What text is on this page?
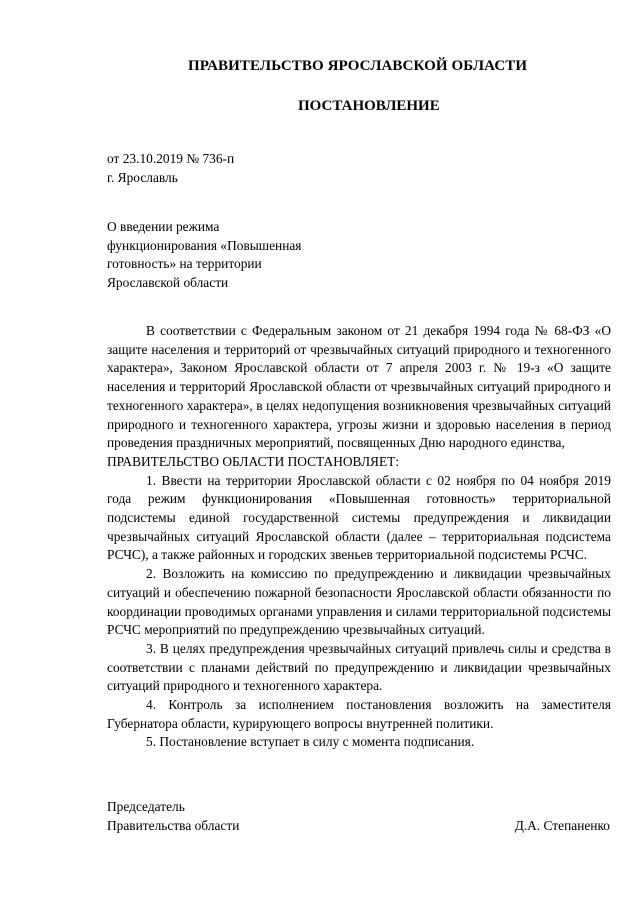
ПРАВИТЕЛЬСТВО ЯРОСЛАВСКОЙ ОБЛАСТИ
ПОСТАНОВЛЕНИЕ
от 23.10.2019 № 736-п
г. Ярославль
О введении режима
функционирования «Повышенная
готовность» на территории
Ярославской области

В соответствии с Федеральным законом от 21 декабря 1994 года № 68-ФЗ «О защите населения и территорий от чрезвычайных ситуаций природного и техногенного характера», Законом Ярославской области от 7 апреля 2003 г. № 19-з «О защите населения и территорий Ярославской области от чрезвычайных ситуаций природного и техногенного характера», в целях недопущения возникновения чрезвычайных ситуаций природного и техногенного характера, угрозы жизни и здоровью населения в период проведения праздничных мероприятий, посвященных Дню народного единства,

ПРАВИТЕЛЬСТВО ОБЛАСТИ ПОСТАНОВЛЯЕТ:

1. Ввести на территории Ярославской области с 02 ноября по 04 ноября 2019 года режим функционирования «Повышенная готовность» территориальной подсистемы единой государственной системы предупреждения и ликвидации чрезвычайных ситуаций Ярославской области (далее – территориальная подсистема РСЧС), а также районных и городских звеньев территориальной подсистемы РСЧС.

2. Возложить на комиссию по предупреждению и ликвидации чрезвычайных ситуаций и обеспечению пожарной безопасности Ярославской области обязанности по координации проводимых органами управления и силами территориальной подсистемы РСЧС мероприятий по предупреждению чрезвычайных ситуаций.

3. В целях предупреждения чрезвычайных ситуаций привлечь силы и средства в соответствии с планами действий по предупреждению и ликвидации чрезвычайных ситуаций природного и техногенного характера.

4. Контроль за исполнением постановления возложить на заместителя Губернатора области, курирующего вопросы внутренней политики.

5. Постановление вступает в силу с момента подписания.

Председатель
Правительства области	Д.А. Степаненко
